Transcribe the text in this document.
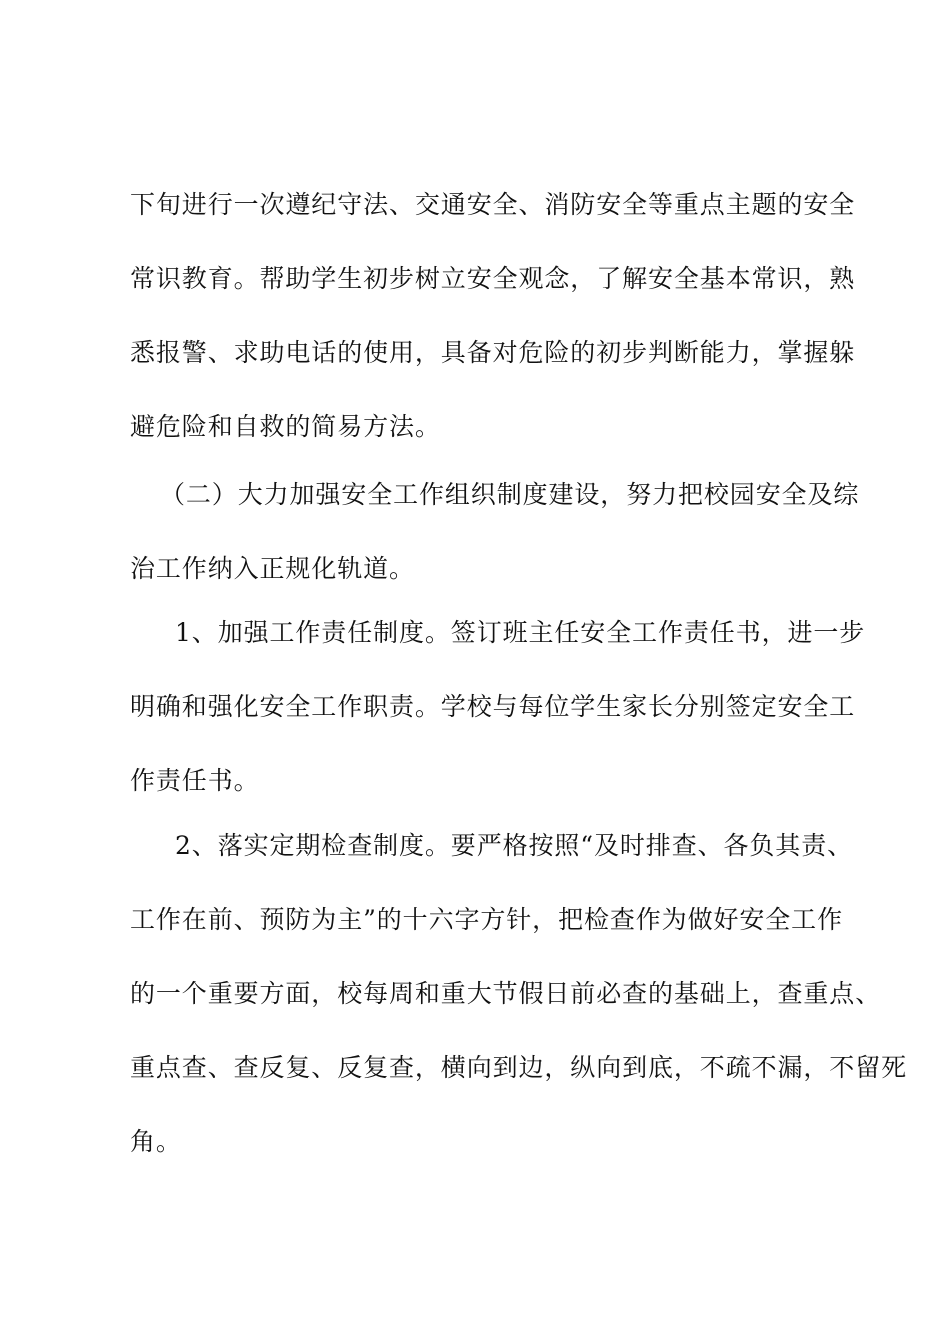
下旬进行一次遵纪守法、交通安全、消防安全等重点主题的安全
常识教育。帮助学生初步树立安全观念，了解安全基本常识，熟
悉报警、求助电话的使用，具备对危险的初步判断能力，掌握躲
避危险和自救的简易方法。
（二）大力加强安全工作组织制度建设，努力把校园安全及综
治工作纳入正规化轨道。
1、加强工作责任制度。签订班主任安全工作责任书，进一步
明确和强化安全工作职责。学校与每位学生家长分别签定安全工
作责任书。
2、落实定期检查制度。要严格按照“及时排查、各负其责、
工作在前、预防为主”的十六字方针，把检查作为做好安全工作
的一个重要方面，校每周和重大节假日前必查的基础上，查重点、
重点查、查反复、反复查，横向到边，纵向到底，不疏不漏，不留死
角。
